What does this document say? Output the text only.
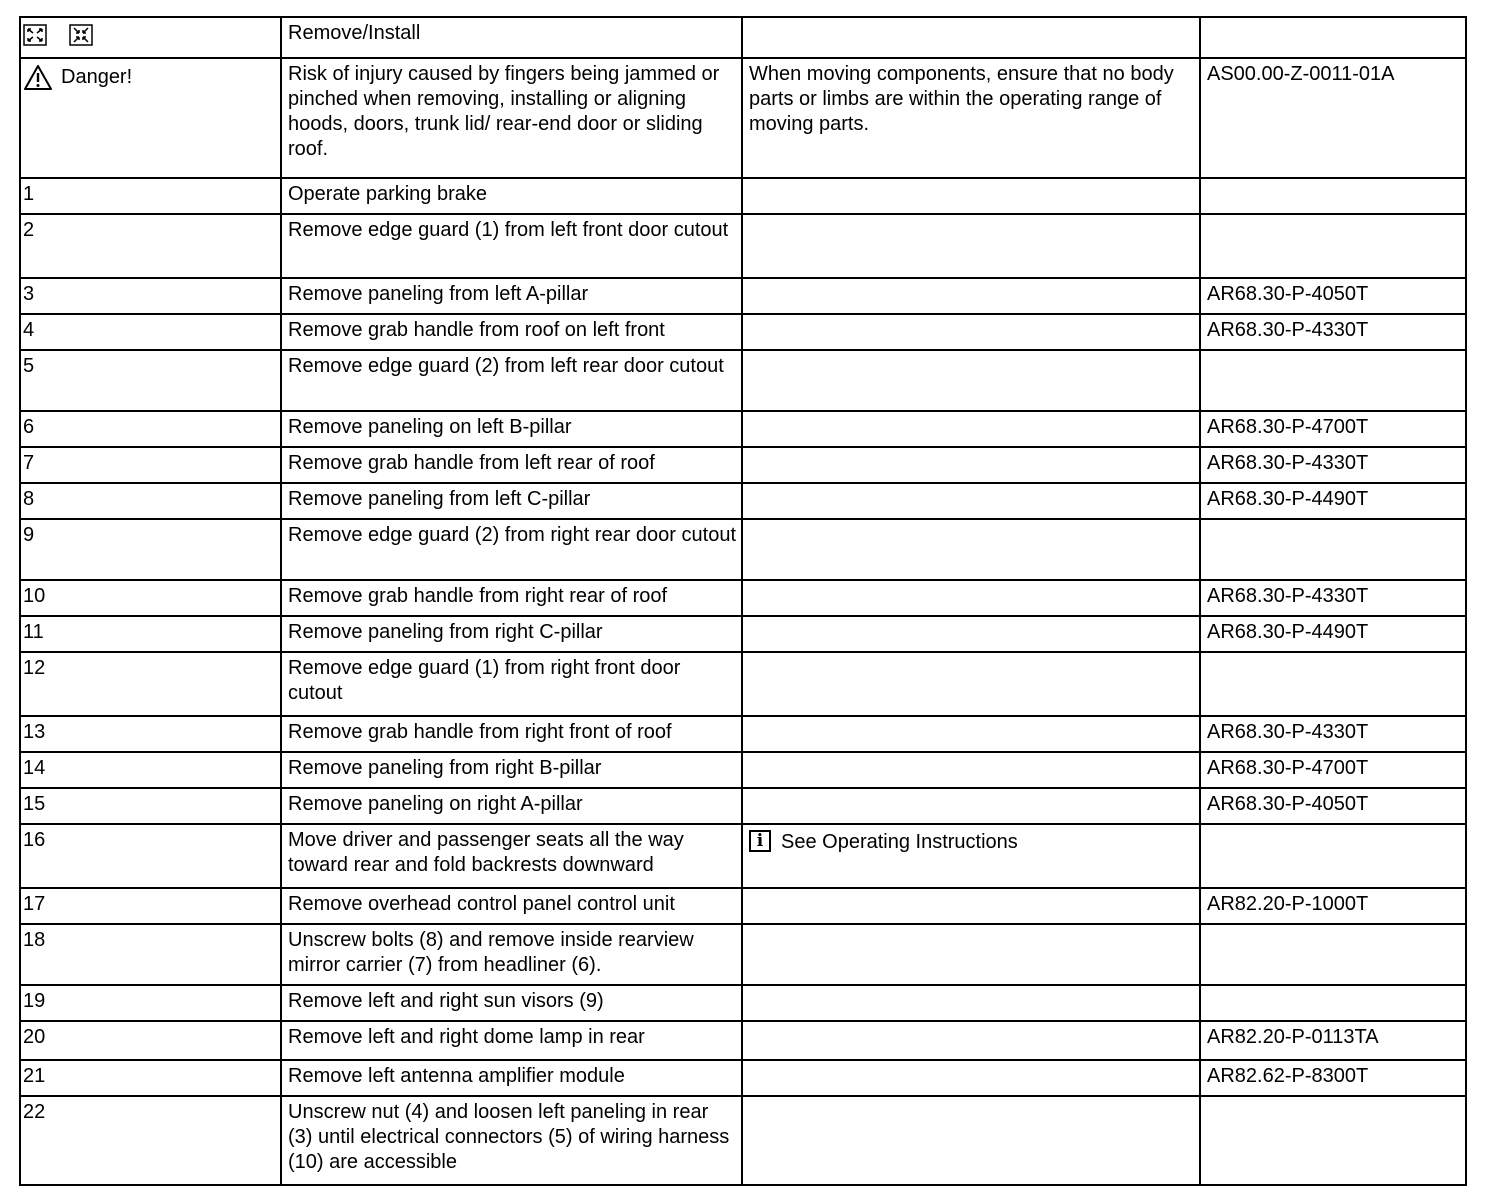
	Remove/Install		

Danger!	Risk of injury caused by fingers being jammed or pinched when removing, installing or aligning hoods, doors, trunk lid/ rear-end door or sliding roof.	When moving components, ensure that no body parts or limbs are within the operating range of moving parts.	AS00.00-Z-0011-01A
1	Operate parking brake		
2	Remove edge guard (1) from left front door cutout		
3	Remove paneling from left A-pillar		AR68.30-P-4050T
4	Remove grab handle from roof on left front		AR68.30-P-4330T
5	Remove edge guard (2) from left rear door cutout		
6	Remove paneling on left B-pillar		AR68.30-P-4700T
7	Remove grab handle from left rear of roof		AR68.30-P-4330T
8	Remove paneling from left C-pillar		AR68.30-P-4490T
9	Remove edge guard (2) from right rear door cutout		
10	Remove grab handle from right rear of roof		AR68.30-P-4330T
11	Remove paneling from right C-pillar		AR68.30-P-4490T
12	Remove edge guard (1) from right front door cutout		
13	Remove grab handle from right front of roof		AR68.30-P-4330T
14	Remove paneling from right B-pillar		AR68.30-P-4700T
15	Remove paneling on right A-pillar		AR68.30-P-4050T
16	Move driver and passenger seats all the way toward rear and fold backrests downward	i See Operating Instructions	

17	Remove overhead control panel control unit		AR82.20-P-1000T
18	Unscrew bolts (8) and remove inside rearview mirror carrier (7) from headliner (6).		
19	Remove left and right sun visors (9)		
20	Remove left and right dome lamp in rear		AR82.20-P-0113TA
21	Remove left antenna amplifier module		AR82.62-P-8300T
22	Unscrew nut (4) and loosen left paneling in rear (3) until electrical connectors (5) of wiring harness (10) are accessible		
